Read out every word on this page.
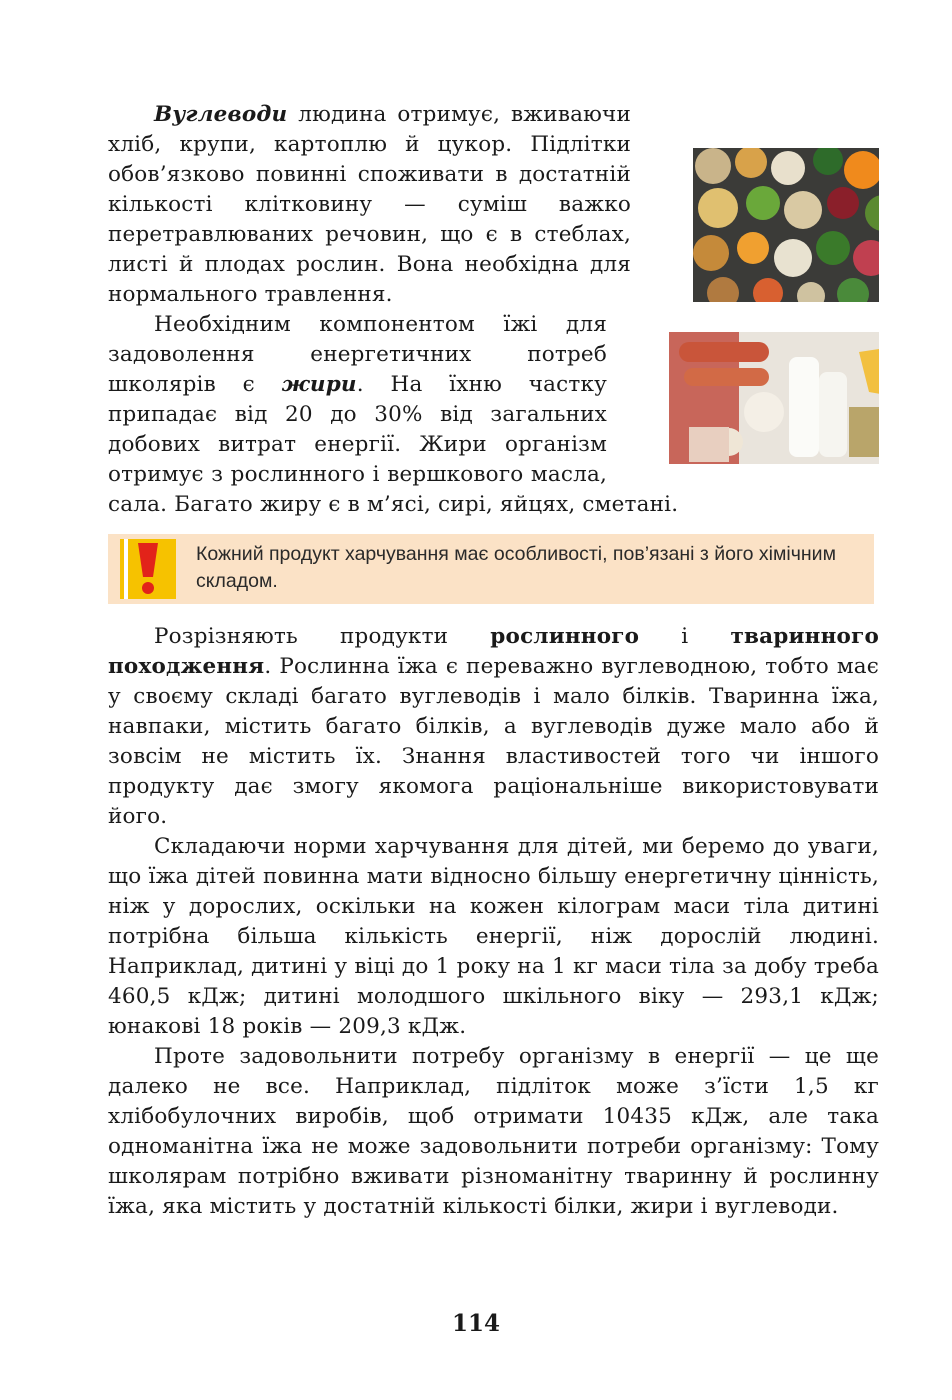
Вуглеводи людина отримує, вживаючи хліб, крупи, картоплю й цукор. Підлітки обов’язково повинні споживати в достатній кількості клітковину — суміш важко перетравлюваних речовин, що є в стеблах, листі й плодах рослин. Вона необхідна для нормального травлення.

Необхідним компонентом їжі для задоволення енергетичних потреб школярів є жири. На їхню частку припадає від 20 до 30% від загальних добових витрат енергії. Жири організм отримує з рослинного і вершкового масла, сала. Багато жиру є в м’ясі, сирі, яйцях, сметані.

Кожний продукт харчування має особливості, пов’язані з його хімічним складом.

Розрізняють продукти рослинного і тваринного походження. Рослинна їжа є переважно вуглеводною, тобто має у своєму складі багато вуглеводів і мало білків. Тваринна їжа, навпаки, містить багато білків, а вуглеводів дуже мало або й зовсім не містить їх. Знання властивостей того чи іншого продукту дає змогу якомога раціональніше використовувати його.

Складаючи норми харчування для дітей, ми беремо до уваги, що їжа дітей повинна мати відносно більшу енергетичну цінність, ніж у дорослих, оскільки на кожен кілограм маси тіла дитині потрібна більша кількість енергії, ніж дорослій людині. Наприклад, дитині у віці до 1 року на 1 кг маси тіла за добу треба 460,5 кДж; дитині молодшого шкільного віку — 293,1 кДж; юнакові 18 років — 209,3 кДж.

Проте задовольнити потребу організму в енергії — це ще далеко не все. Наприклад, підліток може з’їсти 1,5 кг хлібобулочних виробів, щоб отримати 10435 кДж, але така одноманітна їжа не може задовольнити потреби організму: Тому школярам потрібно вживати різноманітну тваринну й рослинну їжа, яка містить у достатній кількості білки, жири і вуглеводи.

114
